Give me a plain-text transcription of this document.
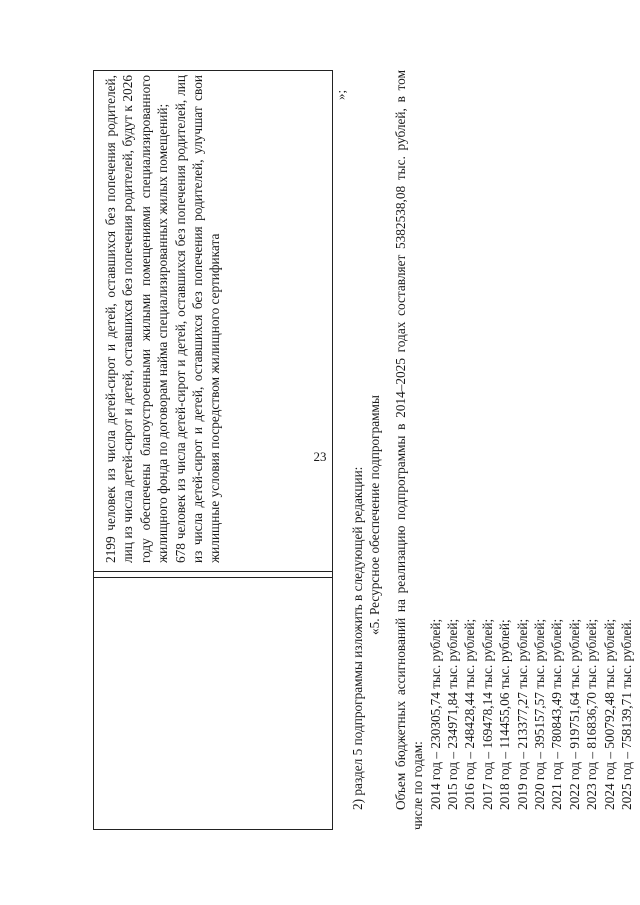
23

2199 человек из числа детей-сирот и детей, оставшихся без попечения родителей, лиц из числа детей-сирот и детей, оставшихся без попечения родителей, будут к 2026 году обеспечены благоустроенными жилыми помещениями специализированного жилищного фонда по договорам найма специализированных жилых помещений; 678 человек из числа детей-сирот и детей, оставшихся без попечения родителей, лиц из числа детей-сирот и детей, оставшихся без попечения родителей, улучшат свои жилищные условия посредством жилищного сертификата

»;

2) раздел 5 подпрограммы изложить в следующей редакции: «5. Ресурсное обеспечение подпрограммы Объем бюджетных ассигнований на реализацию подпрограммы в 2014–2025 годах составляет 5382538,08 тыс. рублей, в том числе по годам: 2014 год – 230305,74 тыс. рублей; 2015 год – 234971,84 тыс. рублей; 2016 год – 248428,44 тыс. рублей; 2017 год – 169478,14 тыс. рублей; 2018 год – 114455,06 тыс. рублей; 2019 год – 213377,27 тыс. рублей; 2020 год – 395157,57 тыс. рублей; 2021 год – 780843,49 тыс. рублей; 2022 год – 919751,64 тыс. рублей; 2023 год – 816836,70 тыс. рублей; 2024 год – 500792,48 тыс. рублей; 2025 год – 758139,71 тыс. рублей.
